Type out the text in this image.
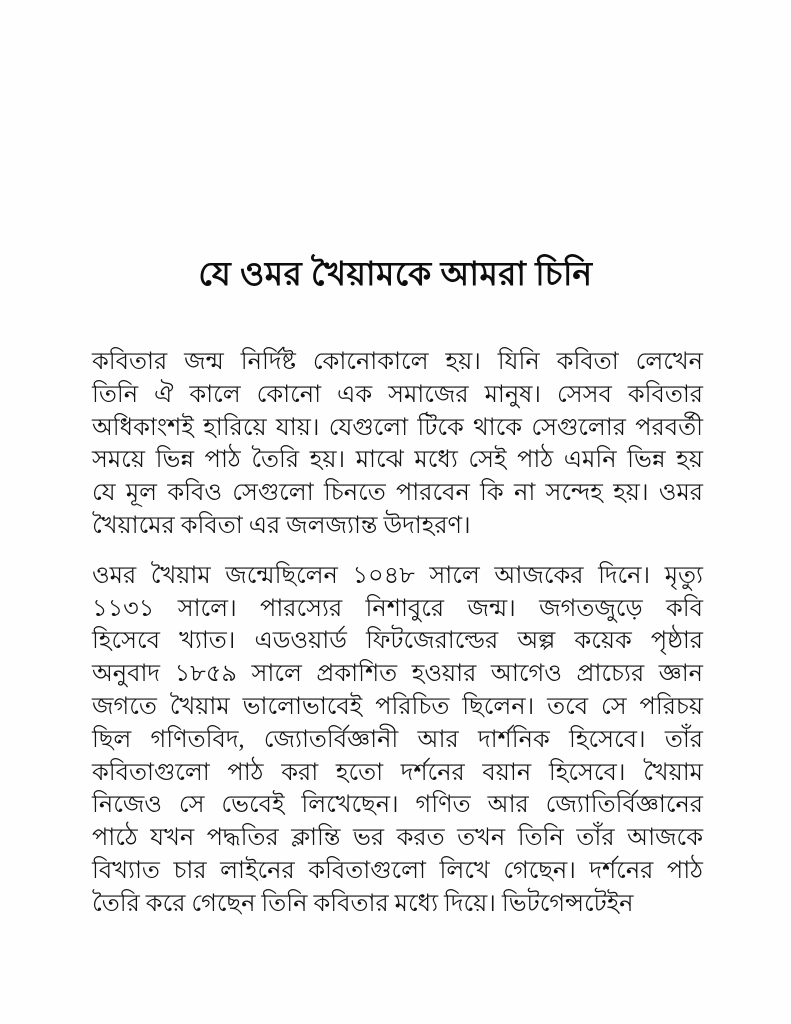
যে ওমর খৈয়ামকে আমরা চিনি
কবিতার জন্ম নির্দিষ্ট কোনোকালে হয়। যিনি কবিতা লেখেন
তিনি ঐ কালে কোনো এক সমাজের মানুষ। সেসব কবিতার
অধিকাংশই হারিয়ে যায়। যেগুলো টিকে থাকে সেগুলোর পরবর্তী
সময়ে ভিন্ন পাঠ তৈরি হয়। মাঝে মধ্যে সেই পাঠ এমনি ভিন্ন হয়
যে মূল কবিও সেগুলো চিনতে পারবেন কি না সন্দেহ হয়। ওমর
খৈয়ামের কবিতা এর জলজ্যান্ত উদাহরণ।
ওমর খৈয়াম জন্মেছিলেন ১০৪৮ সালে আজকের দিনে। মৃত্যু
১১৩১ সালে। পারস্যের নিশাবুরে জন্ম। জগতজুড়ে কবি
হিসেবে খ্যাত। এডওয়ার্ড ফিটজেরাল্ডের অল্প কয়েক পৃষ্ঠার
অনুবাদ ১৮৫৯ সালে প্রকাশিত হওয়ার আগেও প্রাচ্যের জ্ঞান
জগতে খৈয়াম ভালোভাবেই পরিচিত ছিলেন। তবে সে পরিচয়
ছিল গণিতবিদ, জ্যোতর্বিজ্ঞানী আর দার্শনিক হিসেবে। তাঁর
কবিতাগুলো পাঠ করা হতো দর্শনের বয়ান হিসেবে। খৈয়াম
নিজেও সে ভেবেই লিখেছেন। গণিত আর জ্যোতির্বিজ্ঞানের
পাঠে যখন পদ্ধতির ক্লান্তি ভর করত তখন তিনি তাঁর আজকে
বিখ্যাত চার লাইনের কবিতাগুলো লিখে গেছেন। দর্শনের পাঠ
তৈরি করে গেছেন তিনি কবিতার মধ্যে দিয়ে। ভিটগেন্সটেইন
